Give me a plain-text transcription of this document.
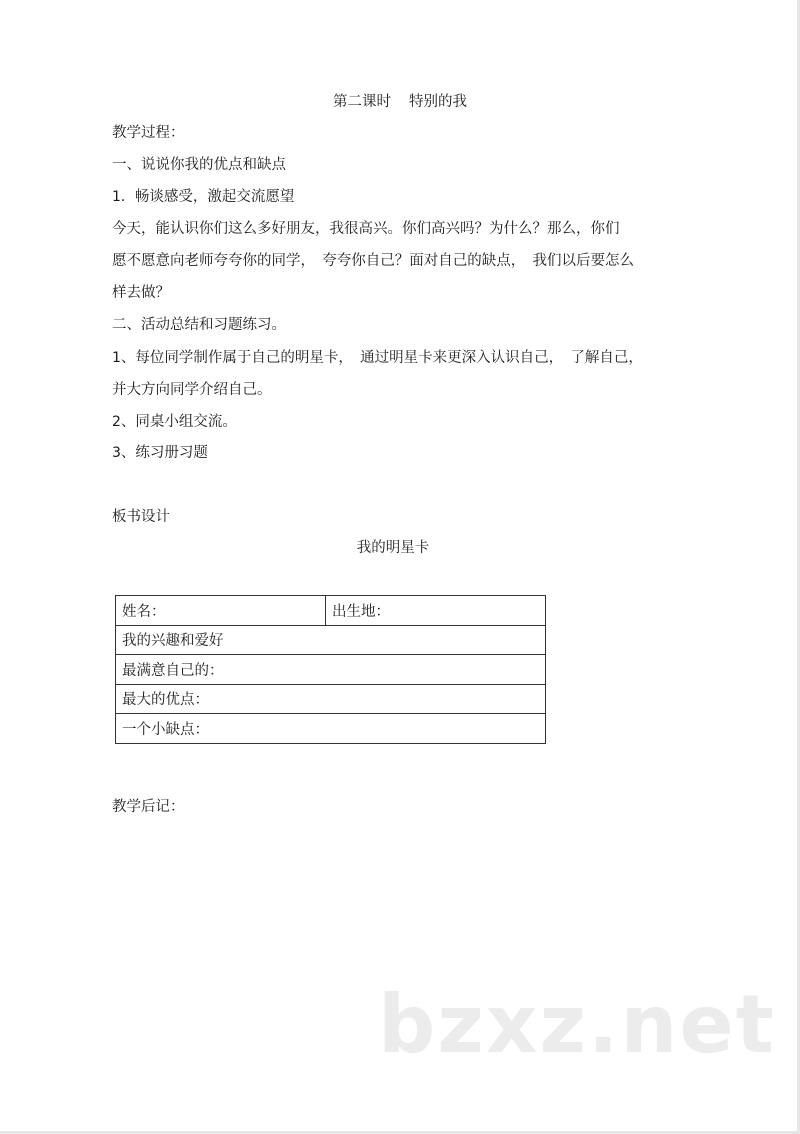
第二课时 特别的我
教学过程：
一、说说你我的优点和缺点
1．畅谈感受，激起交流愿望
今天，能认识你们这么多好朋友，我很高兴。你们高兴吗？为什么？那么，你们
愿不愿意向老师夸夸你的同学，　夸夸你自己？面对自己的缺点，　我们以后要怎么
样去做？
二、活动总结和习题练习。
1、每位同学制作属于自己的明星卡，　通过明星卡来更深入认识自己，　了解自己，
并大方向同学介绍自己。
2、同桌小组交流。
3、练习册习题
板书设计
我的明星卡
姓名：	出生地：
我的兴趣和爱好
最满意自己的：
最大的优点：
一个小缺点：
教学后记：
bzxz.net
